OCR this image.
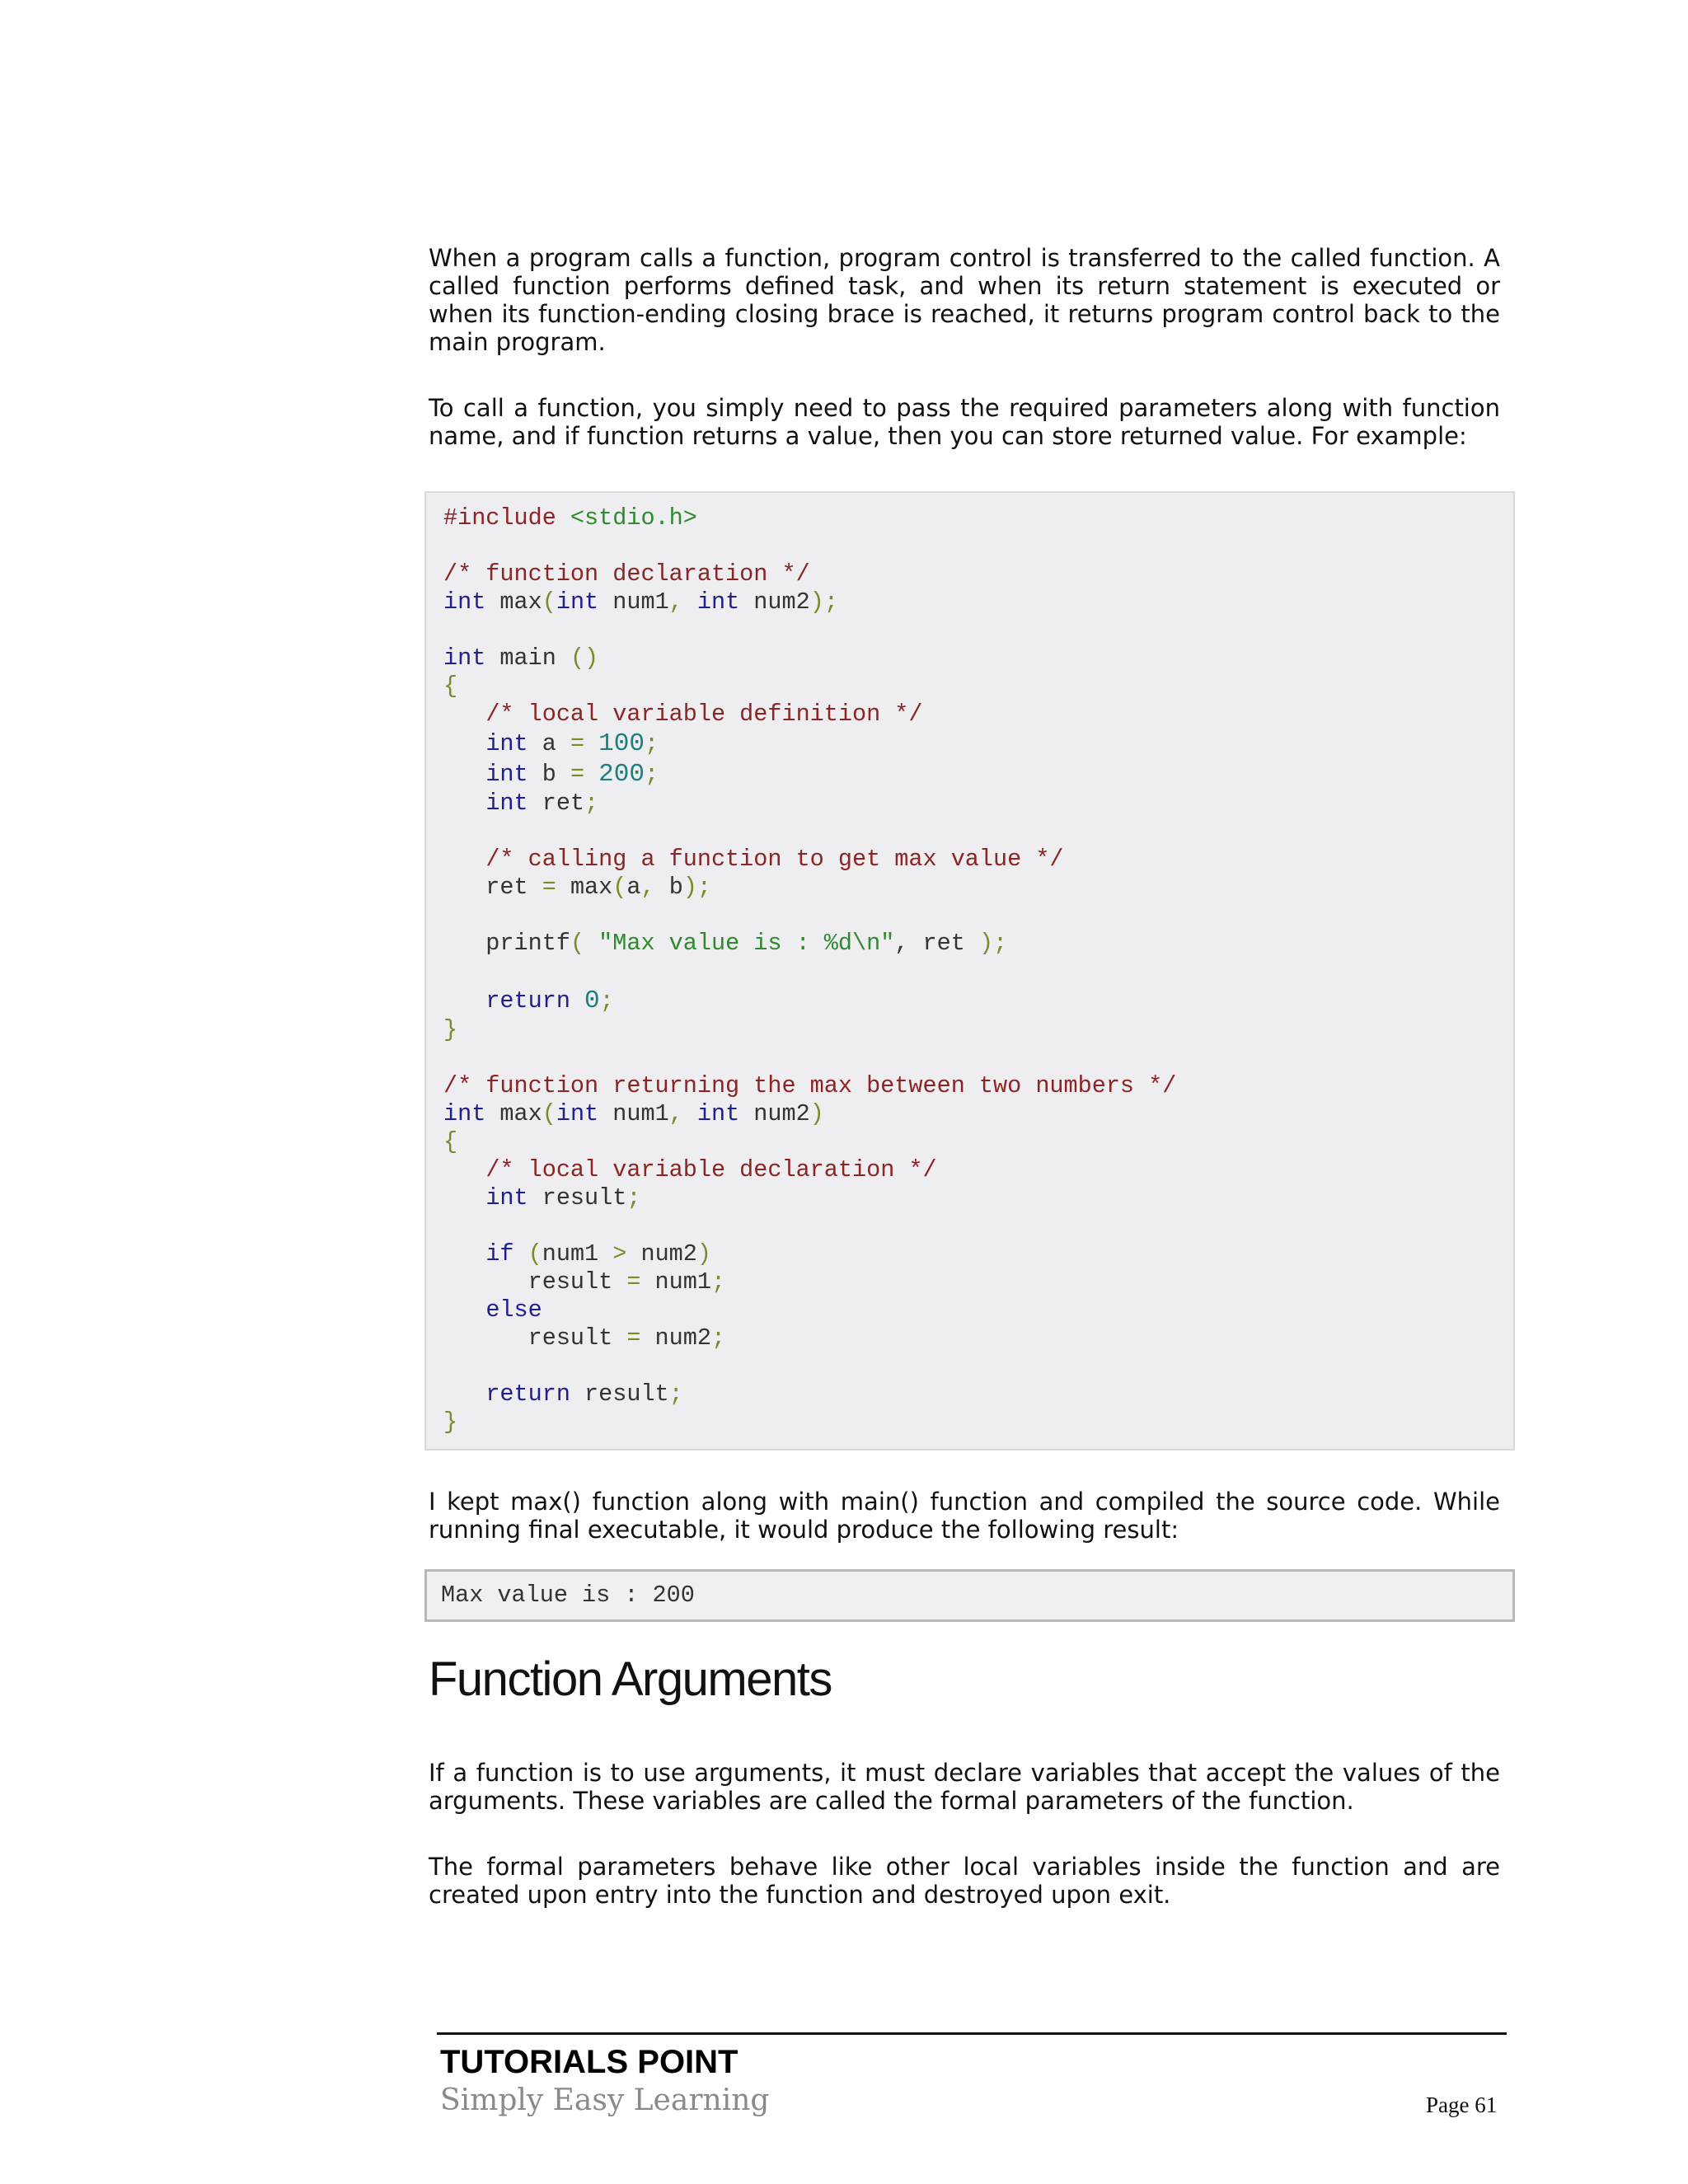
When a program calls a function, program control is transferred to the called function. A called function performs defined task, and when its return statement is executed or when its function-ending closing brace is reached, it returns program control back to the main program.

To call a function, you simply need to pass the required parameters along with function name, and if function returns a value, then you can store returned value. For example:

#include <stdio.h>

/* function declaration */
int max(int num1, int num2);

int main ()
{
/* local variable definition */
int a = 100;
int b = 200;
int ret;

/* calling a function to get max value */
ret = max(a, b);

printf( "Max value is : %d\n", ret );

return 0;
}

/* function returning the max between two numbers */
int max(int num1, int num2)
{
/* local variable declaration */
int result;

if (num1 > num2)
result = num1;
else
result = num2;

return result;
}

I kept max() function along with main() function and compiled the source code. While running final executable, it would produce the following result:

Max value is : 200
Function Arguments

If a function is to use arguments, it must declare variables that accept the values of the arguments. These variables are called the formal parameters of the function.

The formal parameters behave like other local variables inside the function and are created upon entry into the function and destroyed upon exit.

TUTORIALS POINT
Simply Easy Learning	Page 61
